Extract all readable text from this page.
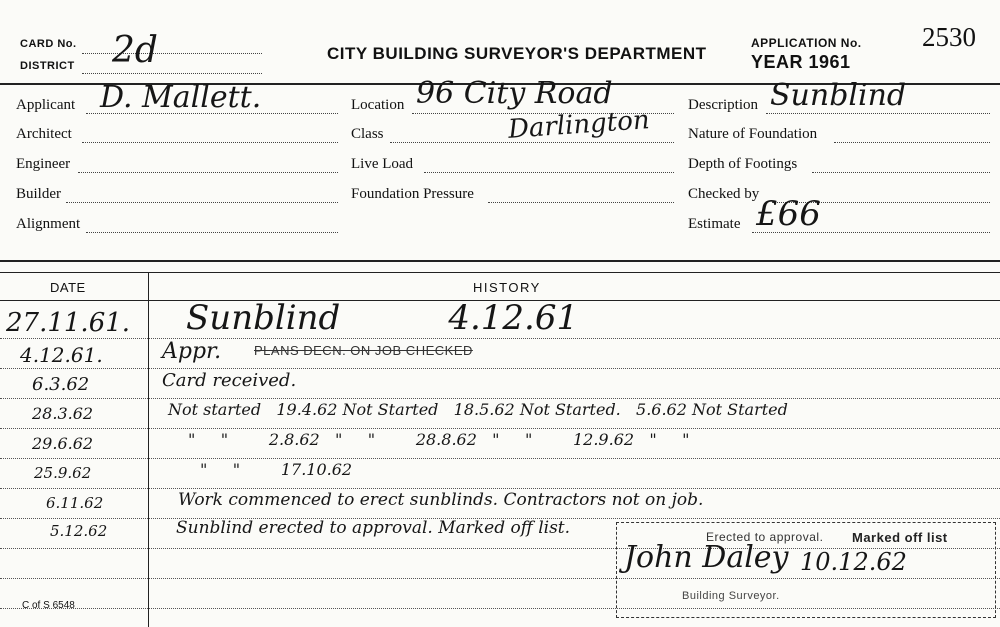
CARD No.
DISTRICT 2d	CITY BUILDING SURVEYOR'S DEPARTMENT
APPLICATION No. 2530
YEAR 1961
Applicant D. Mallett.
Architect
Engineer
Builder
Alignment
Location 96 City Road
Darlington
Class
Live Load
Foundation Pressure
Description Sunblind
Nature of Foundation
Depth of Footings
Checked by
Estimate £66
DATE	HISTORY
27.11.61. Sunblind          4.12.61
4.12.61.	Appr.	PLANS DECN. ON JOB CHECKED
6.3.62	Card received.
28.3.62	Not started   19.4.62 Not Started   18.5.62 Not Started.   5.6.62 Not Started
29.6.62	"     "        2.8.62   "     "        28.8.62   "     "        12.9.62   "     "
25.9.62	"     "        17.10.62
6.11.62	Work commenced to erect sunblinds. Contractors not on job.
5.12.62	Sunblind erected to approval. Marked off list.	Erected to approval. Marked off list
John Daley 10.12.62
Building Surveyor.
C of S 6548
